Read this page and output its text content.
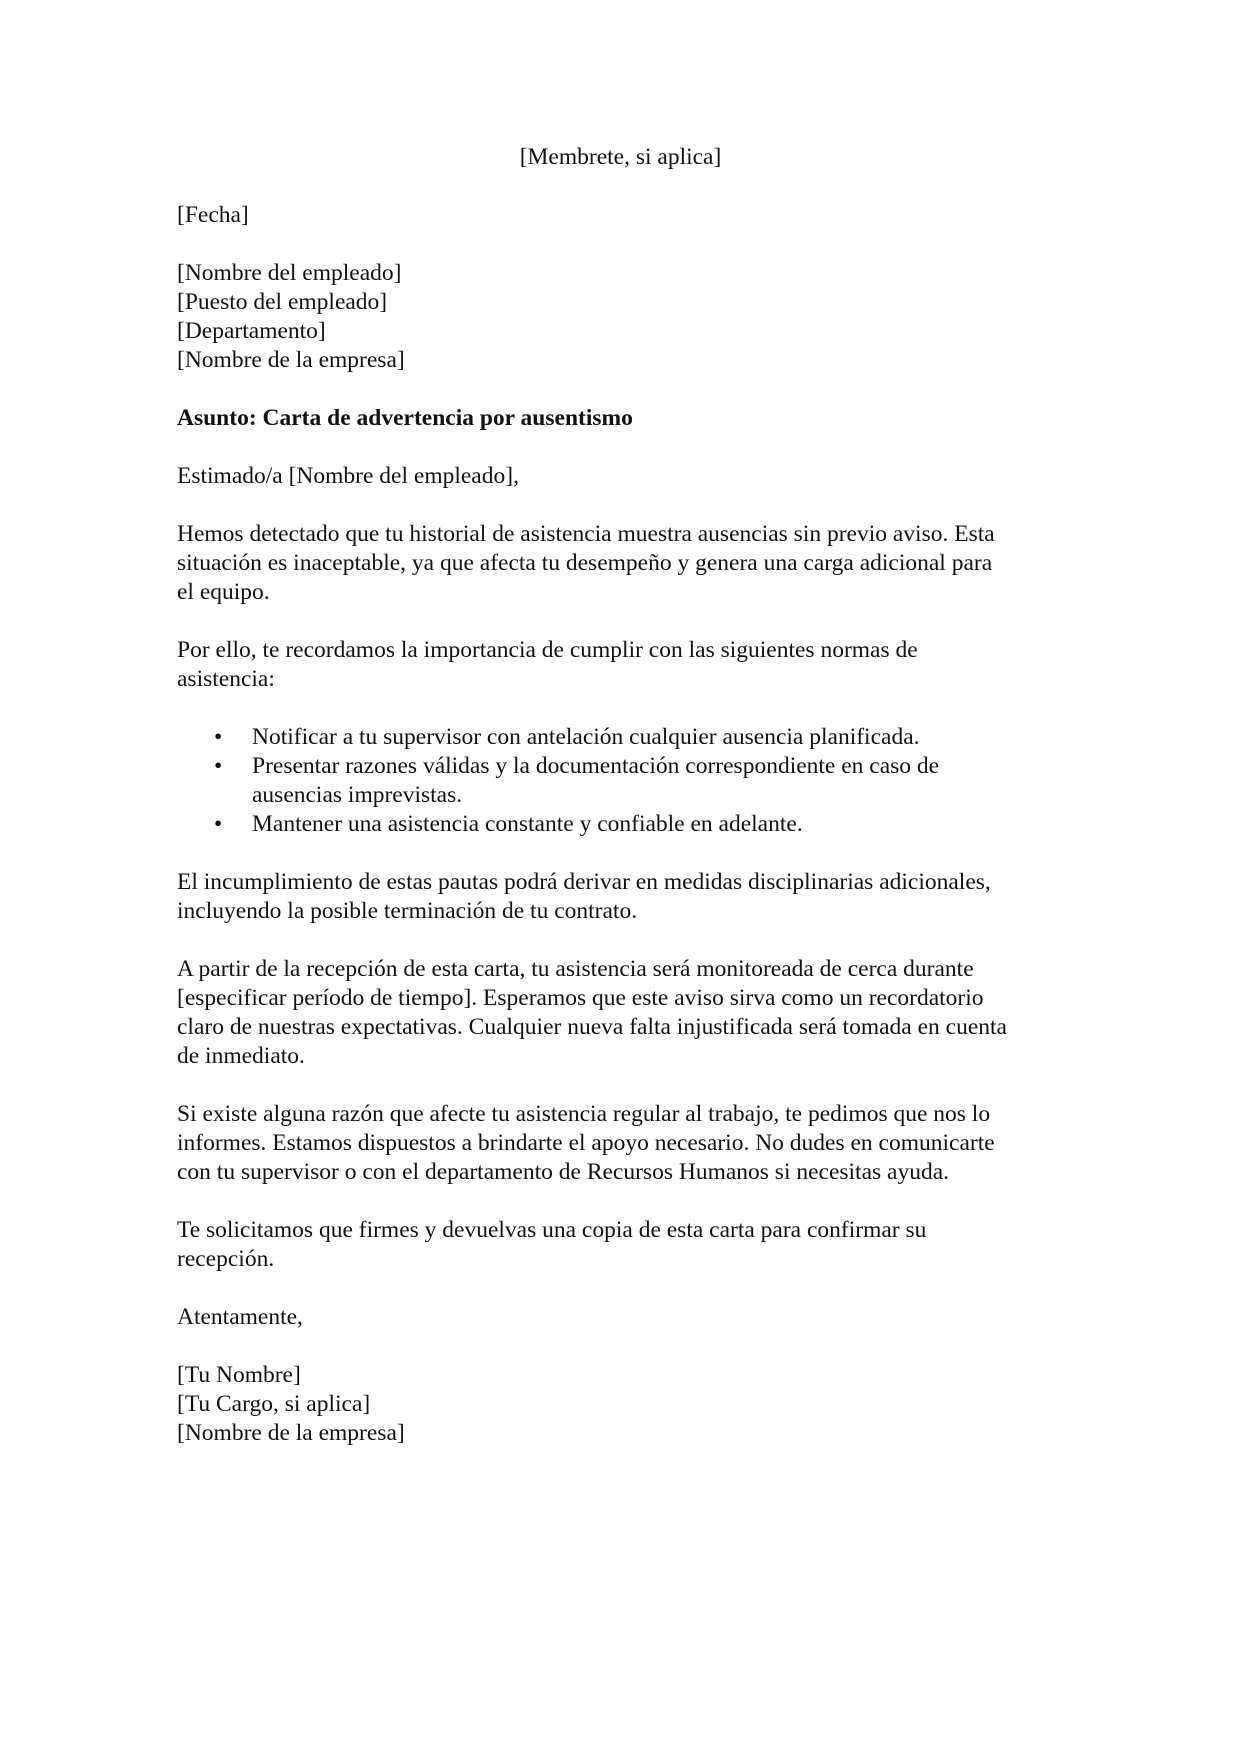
[Membrete, si aplica]

[Fecha]

[Nombre del empleado]

[Puesto del empleado]

[Departamento]

[Nombre de la empresa]

Asunto: Carta de advertencia por ausentismo

Estimado/a [Nombre del empleado],

Hemos detectado que tu historial de asistencia muestra ausencias sin previo aviso. Esta

situación es inaceptable, ya que afecta tu desempeño y genera una carga adicional para

el equipo.

Por ello, te recordamos la importancia de cumplir con las siguientes normas de

asistencia:

• Notificar a tu supervisor con antelación cualquier ausencia planificada.

• Presentar razones válidas y la documentación correspondiente en caso de

ausencias imprevistas.

• Mantener una asistencia constante y confiable en adelante.

El incumplimiento de estas pautas podrá derivar en medidas disciplinarias adicionales,

incluyendo la posible terminación de tu contrato.

A partir de la recepción de esta carta, tu asistencia será monitoreada de cerca durante

[especificar período de tiempo]. Esperamos que este aviso sirva como un recordatorio

claro de nuestras expectativas. Cualquier nueva falta injustificada será tomada en cuenta

de inmediato.

Si existe alguna razón que afecte tu asistencia regular al trabajo, te pedimos que nos lo

informes. Estamos dispuestos a brindarte el apoyo necesario. No dudes en comunicarte

con tu supervisor o con el departamento de Recursos Humanos si necesitas ayuda.

Te solicitamos que firmes y devuelvas una copia de esta carta para confirmar su

recepción.

Atentamente,

[Tu Nombre]

[Tu Cargo, si aplica]

[Nombre de la empresa]
